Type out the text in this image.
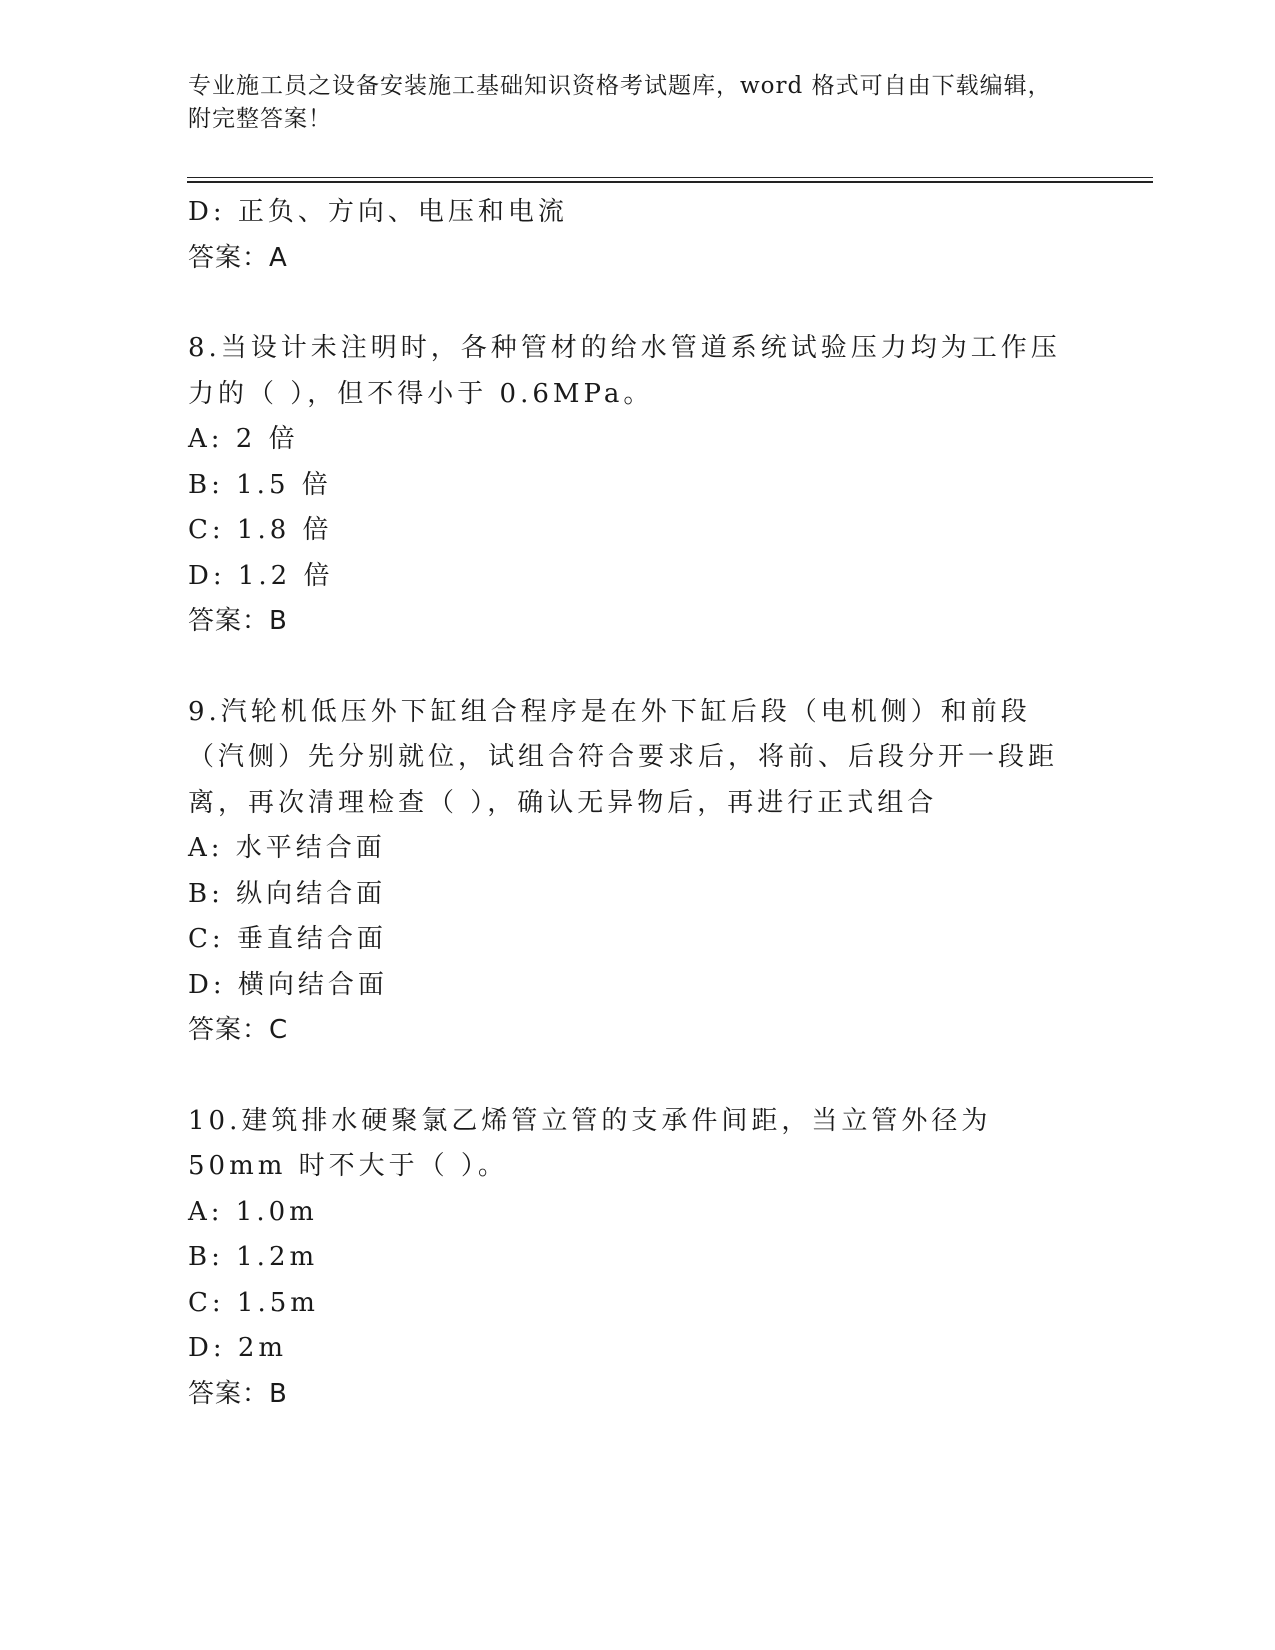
专业施工员之设备安装施工基础知识资格考试题库，word 格式可自由下载编辑，附完整答案！
D: 正负、方向、电压和电流
答案：A
8.当设计未注明时，各种管材的给水管道系统试验压力均为工作压力的（ ），但不得小于 0.6MPa。
A: 2 倍
B: 1.5 倍
C: 1.8 倍
D: 1.2 倍
答案：B
9.汽轮机低压外下缸组合程序是在外下缸后段（电机侧）和前段（汽侧）先分别就位，试组合符合要求后，将前、后段分开一段距离，再次清理检查（ ），确认无异物后，再进行正式组合
A: 水平结合面
B: 纵向结合面
C: 垂直结合面
D: 横向结合面
答案：C
10.建筑排水硬聚氯乙烯管立管的支承件间距，当立管外径为 50mm 时不大于（ ）。
A: 1.0m
B: 1.2m
C: 1.5m
D: 2m
答案：B
